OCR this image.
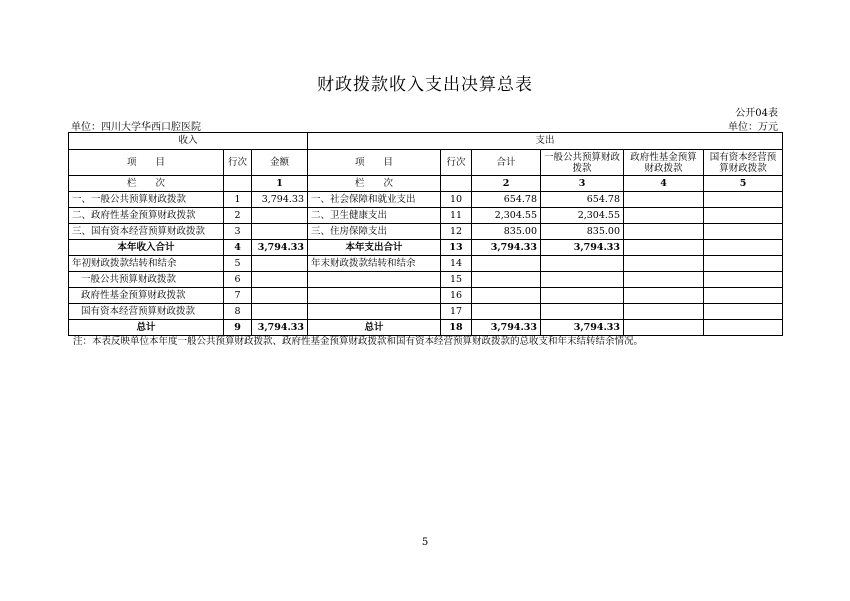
财政拨款收入支出决算总表
公开04表
单位：四川大学华西口腔医院	单位：万元
收入			支出					
项　　目	行次	金额	项　　目	行次	合计	一般公共预算财政拨款	政府性基金预算财政拨款	国有资本经营预算财政拨款
栏　　次		1	栏　　次		2	3	4	5
一、一般公共预算财政拨款	1	3,794.33	一、社会保障和就业支出	10	654.78	654.78		
二、政府性基金预算财政拨款	2		二、卫生健康支出	11	2,304.55	2,304.55		
三、国有资本经营预算财政拨款	3		三、住房保障支出	12	835.00	835.00		
本年收入合计	4	3,794.33	本年支出合计	13	3,794.33	3,794.33		
年初财政拨款结转和结余	5		年末财政拨款结转和结余	14				
一般公共预算财政拨款	6			15				
政府性基金预算财政拨款	7			16				
国有资本经营预算财政拨款	8			17				
总计	9	3,794.33	总计	18	3,794.33	3,794.33		
注：本表反映单位本年度一般公共预算财政拨款、政府性基金预算财政拨款和国有资本经营预算财政拨款的总收支和年末结转结余情况。
5
